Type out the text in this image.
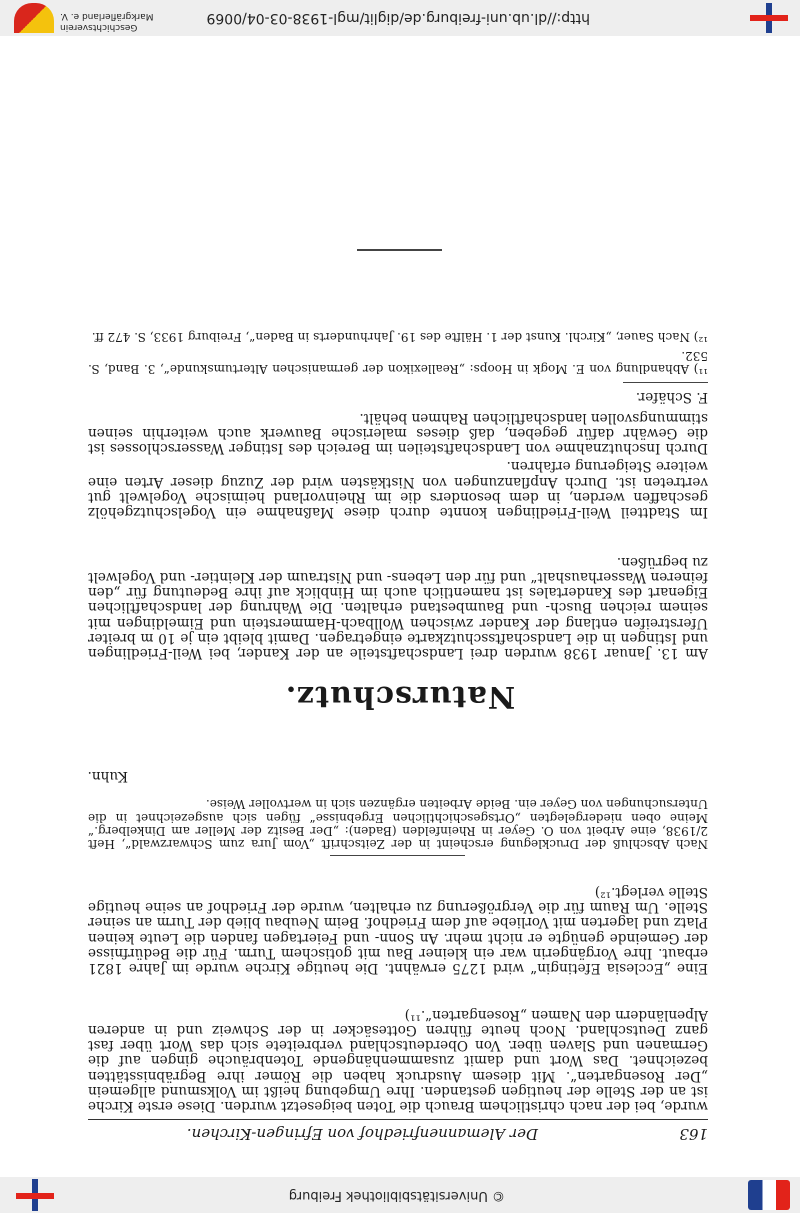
© Universitätsbibliothek Freiburg
http://dl.ub.uni-freiburg.de/diglit/mgl-1938-03-04/0069
Geschichtsverein Markgräflerland e. V.
163
Der Alemannenfriedhof von Efringen-Kirchen.

wurde, bei der nach christlichem Brauch die Toten beigesetzt wurden. Diese erste Kirche ist an der Stelle der heutigen gestanden. Ihre Umgebung heißt im Volksmund allgemein „Der Rosengarten“. Mit diesem Ausdruck haben die Römer ihre Begräbnisstätten bezeichnet. Das Wort und damit zusammenhängende Totenbräuche gingen auf die Germanen und Slaven über. Von Oberdeutschland verbreitete sich das Wort über fast ganz Deutschland. Noch heute führen Gottesäcker in der Schweiz und in anderen Alpenländern den Namen „Rosengarten“.¹¹)

Eine „Ecclesia Efetingin“ wird 1275 erwähnt. Die heutige Kirche wurde im Jahre 1821 erbaut. Ihre Vorgängerin war ein kleiner Bau mit gotischem Turm. Für die Bedürfnisse der Gemeinde genügte er nicht mehr. An Sonn- und Feiertagen fanden die Leute keinen Platz und lagerten mit Vorliebe auf dem Friedhof. Beim Neubau blieb der Turm an seiner Stelle. Um Raum für die Vergrößerung zu erhalten, wurde der Friedhof an seine heutige Stelle verlegt.¹²)

Nach Abschluß der Drucklegung erscheint in der Zeitschrift „Vom Jura zum Schwarzwald“, Heft 2/1938, eine Arbeit von O. Geyer in Rheinfelden (Baden): „Der Besitz der Meller am Dinkelberg.“ Meine oben niedergelegten „Ortsgeschichtlichen Ergebnisse“ fügen sich ausgezeichnet in die Untersuchungen von Geyer ein. Beide Arbeiten ergänzen sich in wertvoller Weise.

Kuhn.
Naturschutz.

Am 13. Januar 1938 wurden drei Landschaftsteile an der Kander, bei Weil-Friedlingen und Istingen in die Landschaftsschutzkarte eingetragen. Damit bleibt ein je 10 m breiter Uferstreifen entlang der Kander zwischen Wollbach-Hammerstein und Eimeldingen mit seinem reichen Busch- und Baumbestand erhalten. Die Wahrung der landschaftlichen Eigenart des Kandertales ist namentlich auch im Hinblick auf ihre Bedeutung für „den feineren Wasserhaushalt“ und für den Lebens- und Nistraum der Kleintier- und Vogelwelt zu begrüßen.

Im Stadtteil Weil-Friedlingen konnte durch diese Maßnahme ein Vogelschutzgehölz geschaffen werden, in dem besonders die im Rheinvorland heimische Vogelwelt gut vertreten ist. Durch Anpflanzungen von Nistkästen wird der Zuzug dieser Arten eine weitere Steigerung erfahren.

Durch Inschutznahme von Landschaftsteilen im Bereich des Istinger Wasserschlosses ist die Gewähr dafür gegeben, daß dieses malerische Bauwerk auch weiterhin seinen stimmungsvollen landschaftlichen Rahmen behält.

F. Schäfer.

¹¹) Abhandlung von E. Mogk in Hoops: „Reallexikon der germanischen Altertumskunde“, 3. Band, S. 532.

¹²) Nach Sauer, „Kirchl. Kunst der 1. Hälfte des 19. Jahrhunderts in Baden“, Freiburg 1933, S. 472 ff.
